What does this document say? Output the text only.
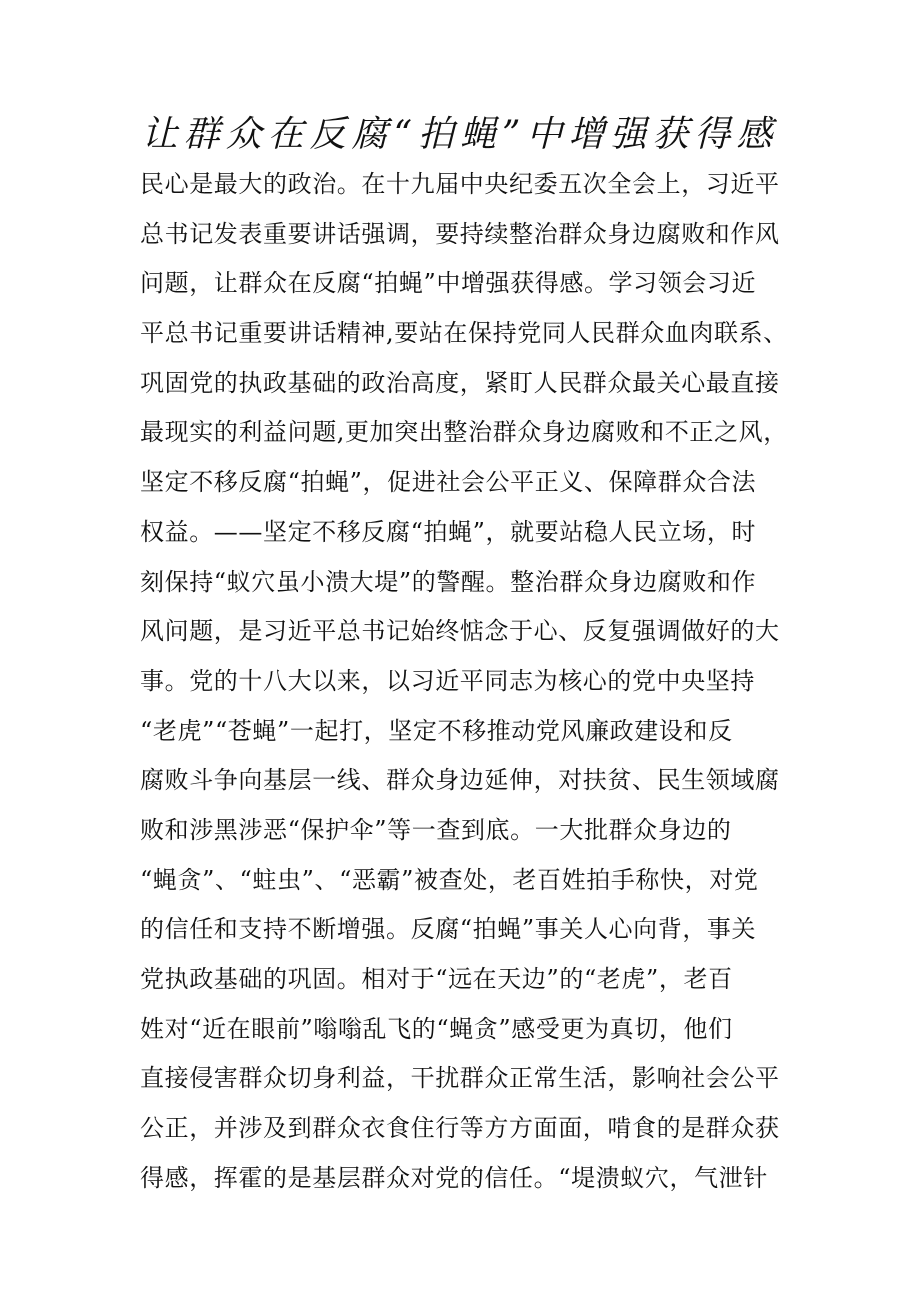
让群众在反腐“拍蝇”中增强获得感
民心是最大的政治。在十九届中央纪委五次全会上，习近平
总书记发表重要讲话强调，要持续整治群众身边腐败和作风
问题，让群众在反腐“拍蝇”中增强获得感。学习领会习近
平总书记重要讲话精神,要站在保持党同人民群众血肉联系、
巩固党的执政基础的政治高度，紧盯人民群众最关心最直接
最现实的利益问题,更加突出整治群众身边腐败和不正之风，
坚定不移反腐“拍蝇”，促进社会公平正义、保障群众合法
权益。——坚定不移反腐“拍蝇”，就要站稳人民立场，时
刻保持“蚁穴虽小溃大堤”的警醒。整治群众身边腐败和作
风问题，是习近平总书记始终惦念于心、反复强调做好的大
事。党的十八大以来，以习近平同志为核心的党中央坚持
“老虎”“苍蝇”一起打，坚定不移推动党风廉政建设和反
腐败斗争向基层一线、群众身边延伸，对扶贫、民生领域腐
败和涉黑涉恶“保护伞”等一查到底。一大批群众身边的
“蝇贪”、“蛀虫”、“恶霸”被查处，老百姓拍手称快，对党
的信任和支持不断增强。反腐“拍蝇”事关人心向背，事关
党执政基础的巩固。相对于“远在天边”的“老虎”，老百
姓对“近在眼前”嗡嗡乱飞的“蝇贪”感受更为真切，他们
直接侵害群众切身利益，干扰群众正常生活，影响社会公平
公正，并涉及到群众衣食住行等方方面面，啃食的是群众获
得感，挥霍的是基层群众对党的信任。“堤溃蚁穴，气泄针
